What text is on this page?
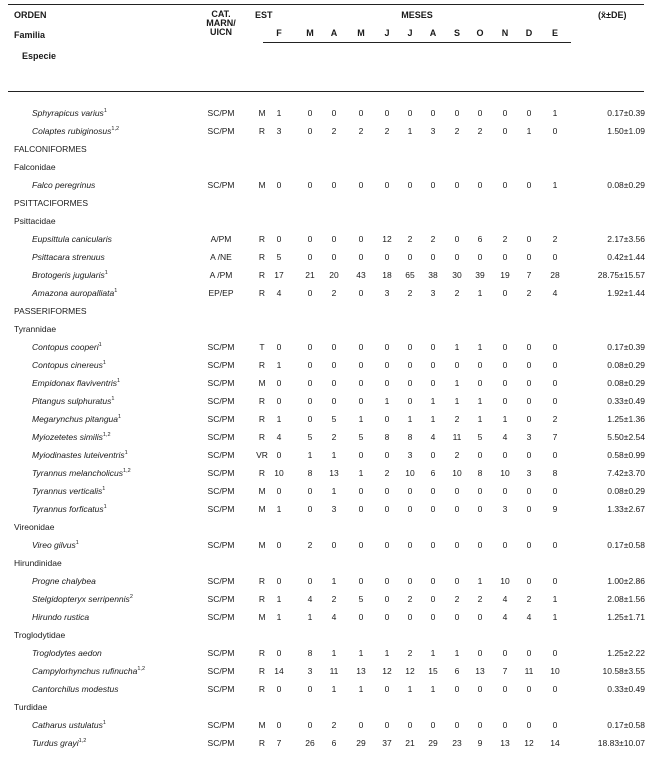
ORDEN
Familia
Especie
CAT. MARN/ UICN
EST	MESES	(x̄±DE)
F	M	A	M	J	J	A	S	O	N	D	E
Sphyrapicus varius$^1$	SC/PM	M	1	0	0	0	0	0	0	0	0	0	0	1	0.17±0.39
Colaptes rubiginosus$^{1,2}$	SC/PM	R	3	0	2	2	2	1	3	2	2	0	1	0	1.50±1.09
FALCONIFORMES
Falconidae
Falco peregrinus	SC/PM	M	0	0	0	0	0	0	0	0	0	0	0	1	0.08±0.29
PSITTACIFORMES
Psittacidae
Eupsittula canicularis	A/PM	R	0	0	0	0	12	2	2	0	6	2	0	2	2.17±3.56
Psittacara strenuus	A /NE	R	5	0	0	0	0	0	0	0	0	0	0	0	0.42±1.44
Brotogeris jugularis$^1$	A /PM	R	17	21	20	43	18	65	38	30	39	19	7	28	28.75±15.57
Amazona auropalliata$^1$	EP/EP	R	4	0	2	0	3	2	3	2	1	0	2	4	1.92±1.44
PASSERIFORMES
Tyrannidae
Contopus cooperi$^1$	SC/PM	T	0	0	0	0	0	0	0	1	1	0	0	0	0.17±0.39
Contopus cinereus$^1$	SC/PM	R	1	0	0	0	0	0	0	0	0	0	0	0	0.08±0.29
Empidonax flaviventris$^1$	SC/PM	M	0	0	0	0	0	0	0	1	0	0	0	0	0.08±0.29
Pitangus sulphuratus$^1$	SC/PM	R	0	0	0	0	1	0	1	1	1	0	0	0	0.33±0.49
Megarynchus pitangua$^1$	SC/PM	R	1	0	5	1	0	1	1	2	1	1	0	2	1.25±1.36
Myiozetetes similis$^{1,2}$	SC/PM	R	4	5	2	5	8	8	4	11	5	4	3	7	5.50±2.54
Myiodinastes luteiventris$^1$	SC/PM	VR	0	1	1	0	0	3	0	2	0	0	0	0	0.58±0.99
Tyrannus melancholicus$^{1,2}$	SC/PM	R	10	8	13	1	2	10	6	10	8	10	3	8	7.42±3.70
Tyrannus verticalis$^1$	SC/PM	M	0	0	1	0	0	0	0	0	0	0	0	0	0.08±0.29
Tyrannus forficatus$^1$	SC/PM	M	1	0	3	0	0	0	0	0	0	3	0	9	1.33±2.67
Vireonidae
Vireo gilvus$^1$	SC/PM	M	0	2	0	0	0	0	0	0	0	0	0	0	0.17±0.58
Hirundinidae
Progne chalybea	SC/PM	R	0	0	1	0	0	0	0	0	1	10	0	0	1.00±2.86
Stelgidopteryx serripennis$^2$	SC/PM	R	1	4	2	5	0	2	0	2	2	4	2	1	2.08±1.56
Hirundo rustica	SC/PM	M	1	1	4	0	0	0	0	0	0	4	4	1	1.25±1.71
Troglodytidae
Troglodytes aedon	SC/PM	R	0	8	1	1	1	2	1	1	0	0	0	0	1.25±2.22
Campylorhynchus rufinucha$^{1,2}$	SC/PM	R	14	3	11	13	12	12	15	6	13	7	11	10	10.58±3.55
Cantorchilus modestus	SC/PM	R	0	0	1	1	0	1	1	0	0	0	0	0	0.33±0.49
Turdidae
Catharus ustulatus$^1$	SC/PM	M	0	0	2	0	0	0	0	0	0	0	0	0	0.17±0.58
Turdus grayi$^{1,2}$	SC/PM	R	7	26	6	29	37	21	29	23	9	13	12	14	18.83±10.07
